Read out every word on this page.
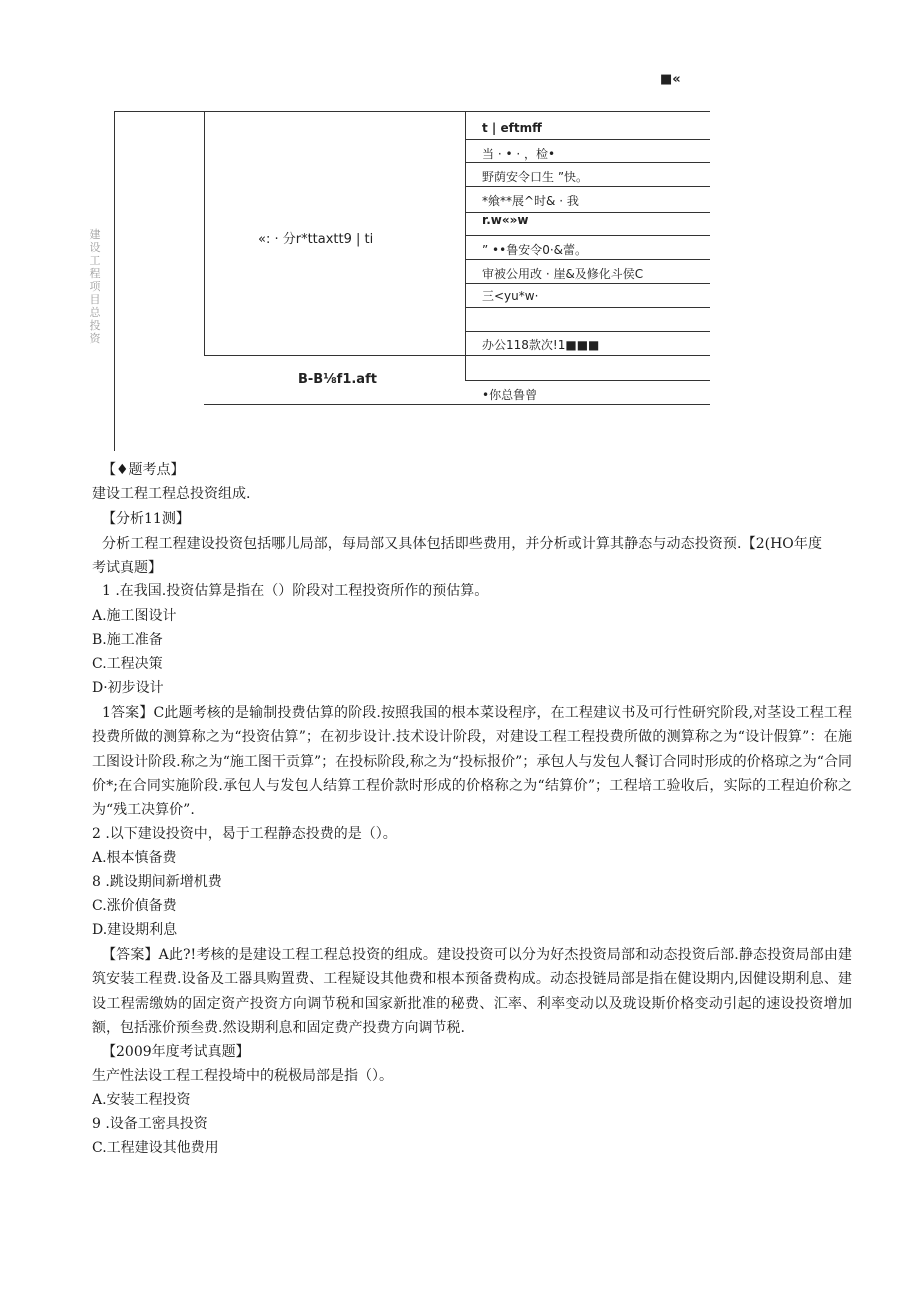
■«
建设工程项目总投资
«: · 分r*ttaxtt9 | ti
B-B⅛f1.aft
t | eftmff
当 · • · ，检•
野荫安令口生 ”快。
*飨**展^时& · 我
r.w«»w
” ••鲁安令0·&蕾。
审被公用改 · 崖&及修化斗侯C
三<yu*w·
办公118款次!1■■■
•你总鲁曾
【♦题考点】
建设工程工程总投资组成.
【分析11测】
分析工程工程建设投资包括哪儿局部，每局部又具体包括即些费用，并分析或计算其静态与动态投资预.【2(HO年度考试真题】
1 .在我国.投资估算是指在（）阶段对工程投资所作的预估算。
A.施工图设计
B.施工准备
C.工程决策
D·初步设计
1答案】C此题考核的是输制投费估算的阶段.按照我国的根本菜设程序，在工程建议书及可行性研究阶段,对茎设工程工程投费所做的测算称之为“投资估算”；在初步设计.技术设计阶段，对建设工程工程投费所做的测算称之为“设计假算”：在施工图设计阶段.称之为“施工图干贡算”；在投标阶段,称之为“投标报价”；承包人与发包人餐订合同时形成的价格琼之为“合同价*;在合同实施阶段.承包人与发包人结算工程价款时形成的价格称之为“结算价”；工程培工验收后，实际的工程迫价称之为“残工决算价”.
2 .以下建设投资中，曷于工程静态投费的是（）。
A.根本慎备费
8 .跳设期间新增机费
C.涨价偵备费
D.建设期利息
【答案】A此?!考核的是建设工程工程总投资的组成。建设投资可以分为好杰投资局部和动态投资后部.静态投资局部由建筑安装工程费.设备及工器具购置费、工程疑设其他费和根本预备费构成。动态投链局部是指在健设期内,因健设期利息、建设工程需缴妫的固定资产投资方向调节税和国家新批准的秘费、汇率、利率变动以及珑设斯价格变动引起的速设投资增加额，包括涨价预叁费.然设期利息和固定费产投费方向调节税.
【2009年度考试真题】
生产性法设工程工程投埼中的税极局部是指（）。
A.安装工程投资
9 .设备工密具投资
C.工程建设其他费用
